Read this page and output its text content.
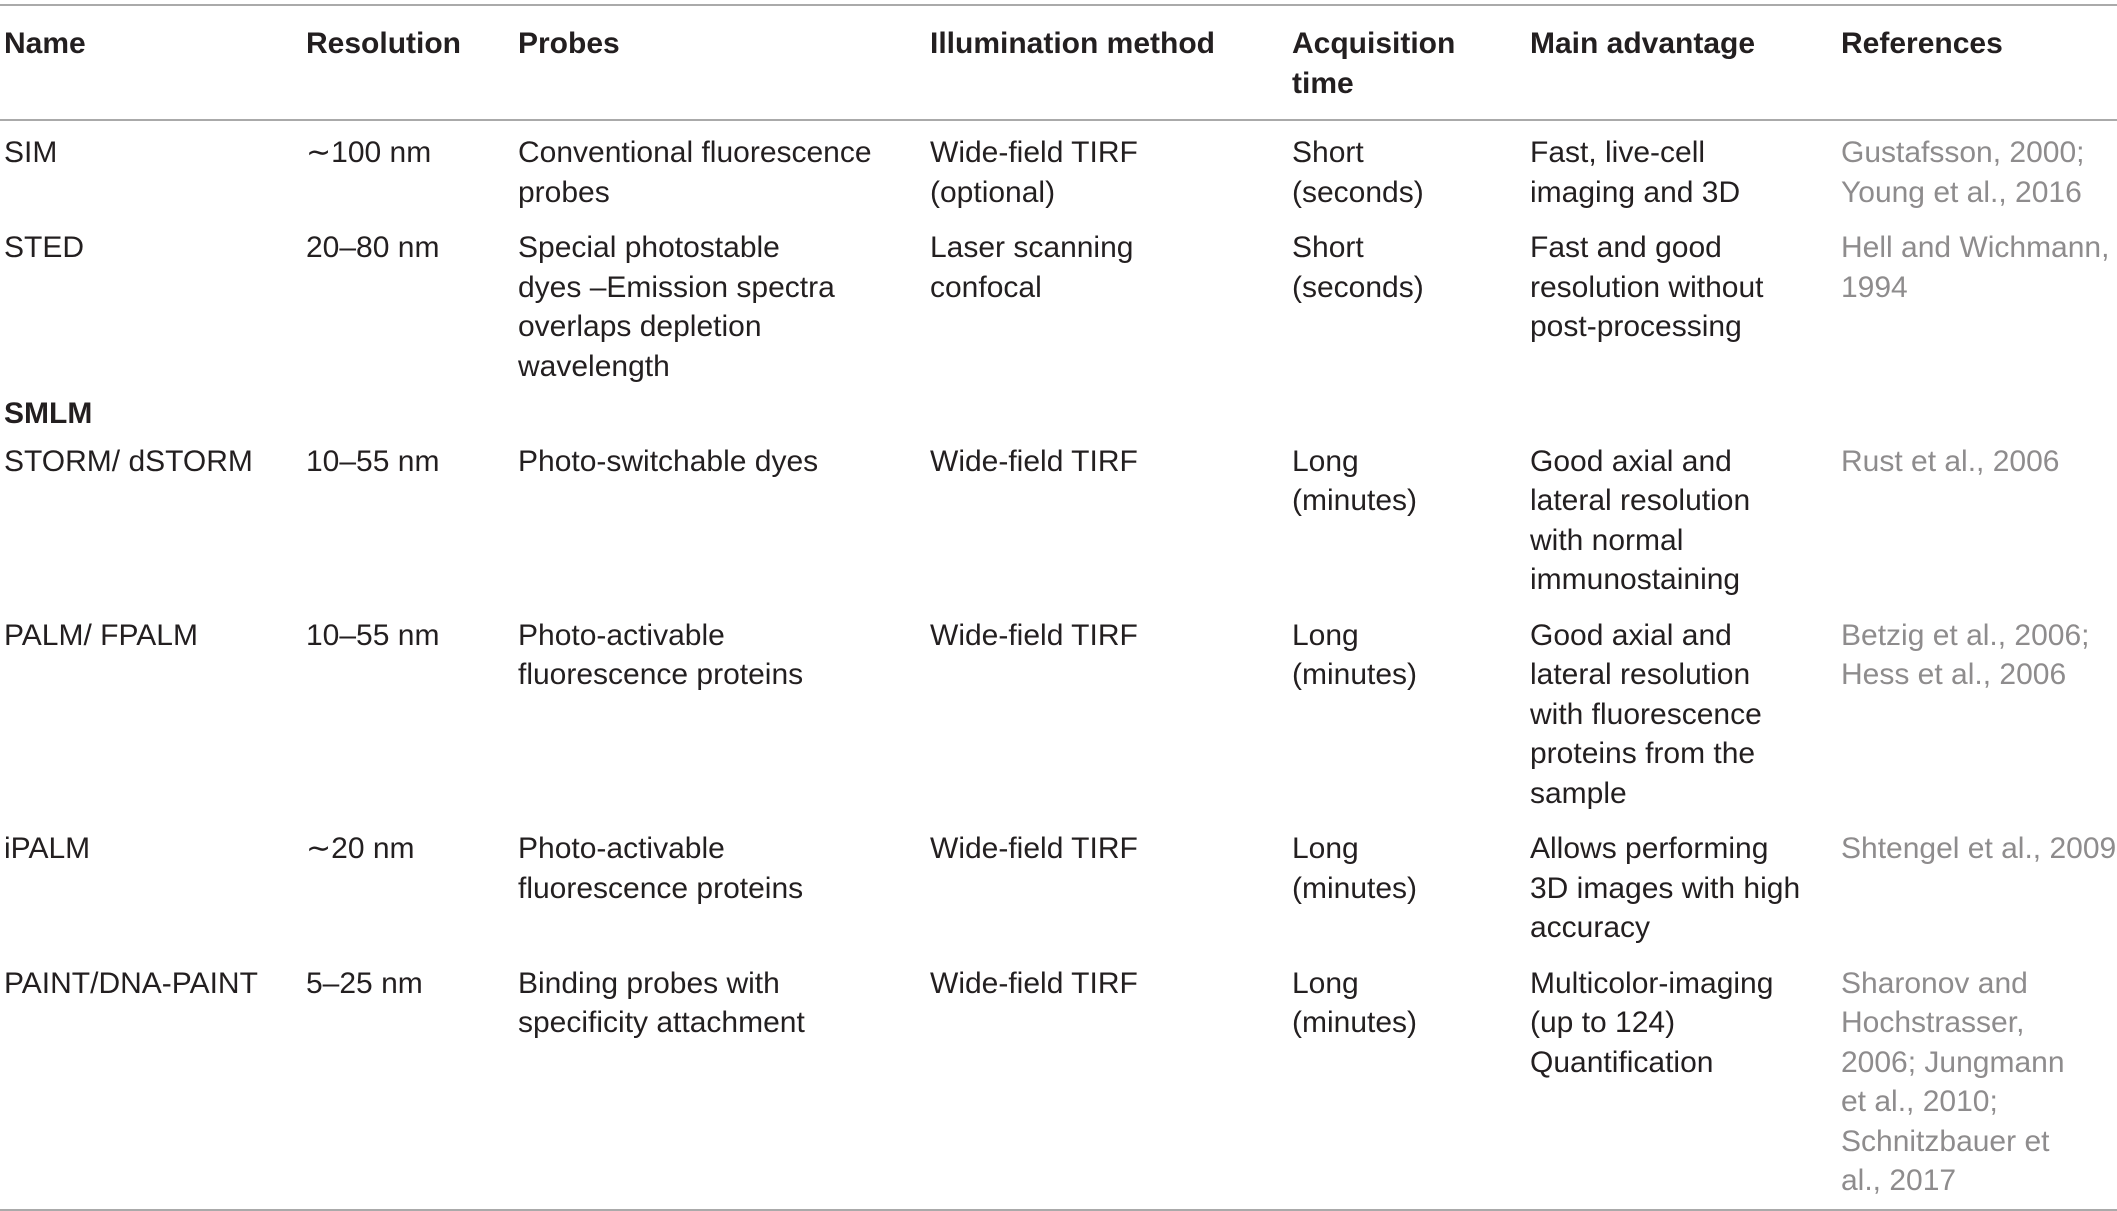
Name	Resolution	Probes	Illumination method	Acquisition time	Main advantage	References
SIM	∼100 nm	Conventional fluorescence probes	Wide-field TIRF (optional)	Short (seconds)	Fast, live-cell imaging and 3D	Gustafsson, 2000; Young et al., 2016
STED	20–80 nm	Special photostable dyes –Emission spectra overlaps depletion wavelength	Laser scanning confocal	Short (seconds)	Fast and good resolution without post-processing	Hell and Wichmann, 1994
SMLM						
STORM/ dSTORM	10–55 nm	Photo-switchable dyes	Wide-field TIRF	Long (minutes)	Good axial and lateral resolution with normal immunostaining	Rust et al., 2006
PALM/ FPALM	10–55 nm	Photo-activable fluorescence proteins	Wide-field TIRF	Long (minutes)	Good axial and lateral resolution with fluorescence proteins from the sample	Betzig et al., 2006; Hess et al., 2006
iPALM	∼20 nm	Photo-activable fluorescence proteins	Wide-field TIRF	Long (minutes)	Allows performing 3D images with high accuracy	Shtengel et al., 2009
PAINT/DNA-PAINT	5–25 nm	Binding probes with specificity attachment	Wide-field TIRF	Long (minutes)	Multicolor-imaging (up to 124) Quantification	Sharonov and Hochstrasser, 2006; Jungmann et al., 2010; Schnitzbauer et al., 2017
